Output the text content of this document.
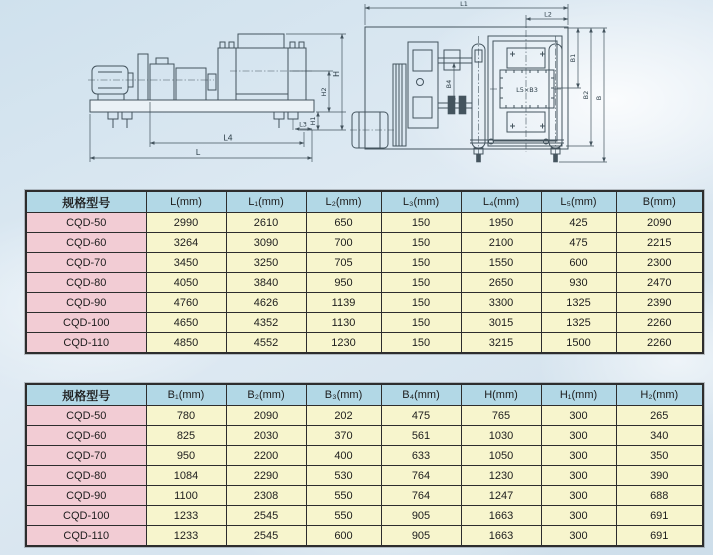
L
L4
L3
H
H2
H1
B4
L5×B3
L1
L2
B1
B2 B
规格型号	L(mm)	L₁(mm)	L₂(mm)	L₃(mm)	L₄(mm)	L₅(mm)	B(mm)
CQD-50	2990	2610	650	150	1950	425	2090
CQD-60	3264	3090	700	150	2100	475	2215
CQD-70	3450	3250	705	150	1550	600	2300
CQD-80	4050	3840	950	150	2650	930	2470
CQD-90	4760	4626	1139	150	3300	1325	2390
CQD-100	4650	4352	1130	150	3015	1325	2260
CQD-110	4850	4552	1230	150	3215	1500	2260
规格型号	B₁(mm)	B₂(mm)	B₃(mm)	B₄(mm)	H(mm)	H₁(mm)	H₂(mm)
CQD-50	780	2090	202	475	765	300	265
CQD-60	825	2030	370	561	1030	300	340
CQD-70	950	2200	400	633	1050	300	350
CQD-80	1084	2290	530	764	1230	300	390
CQD-90	1100	2308	550	764	1247	300	688
CQD-100	1233	2545	550	905	1663	300	691
CQD-110	1233	2545	600	905	1663	300	691
